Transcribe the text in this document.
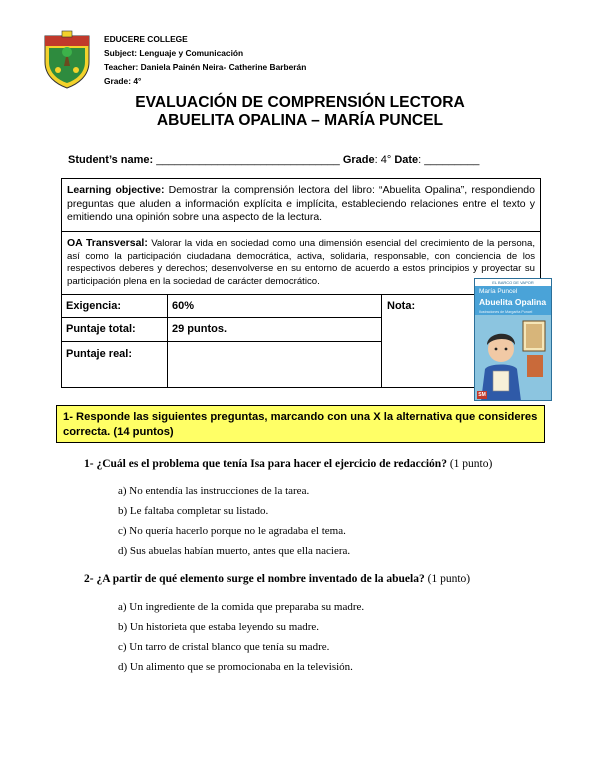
EDUCERE COLLEGE
Subject: Lenguaje y Comunicación
Teacher: Daniela Painén Neira- Catherine Barberán
Grade: 4°
EVALUACIÓN DE COMPRENSIÓN LECTORA
ABUELITA OPALINA – MARÍA PUNCEL
Student’s name: ______________________________ Grade: 4° Date: _________
Learning objective: Demostrar la comprensión lectora del libro: “Abuelita Opalina”, respondiendo preguntas que aluden a información explícita e implícita, estableciendo relaciones entre el texto y emitiendo una opinión sobre una aspecto de la lectura.
OA Transversal: Valorar la vida en sociedad como una dimensión esencial del crecimiento de la persona, así como la participación ciudadana democrática, activa, solidaria, responsable, con conciencia de los respectivos deberes y derechos; desenvolverse en su entorno de acuerdo a estos principios y proyectar su participación plena en la sociedad de carácter democrático.
Exigencia:	60%
Puntaje total:	29 puntos.
Puntaje real:
Nota:
EL BARCO DE VAPOR
María Puncel
Abuelita Opalina
Ilustraciones de Margarita Puncel
SM
1- Responde las siguientes preguntas, marcando con una X la alternativa que consideres correcta. (14 puntos)
1- ¿Cuál es el problema que tenía Isa para hacer el ejercicio de redacción? (1 punto)
a) No entendía las instrucciones de la tarea.
b) Le faltaba completar su listado.
c) No quería hacerlo porque no le agradaba el tema.
d) Sus abuelas habían muerto, antes que ella naciera.
2- ¿A partir de qué elemento surge el nombre inventado de la abuela? (1 punto)
a) Un ingrediente de la comida que preparaba su madre.
b) Un historieta que estaba leyendo su madre.
c) Un tarro de cristal blanco que tenía su madre.
d) Un alimento que se promocionaba en la televisión.
